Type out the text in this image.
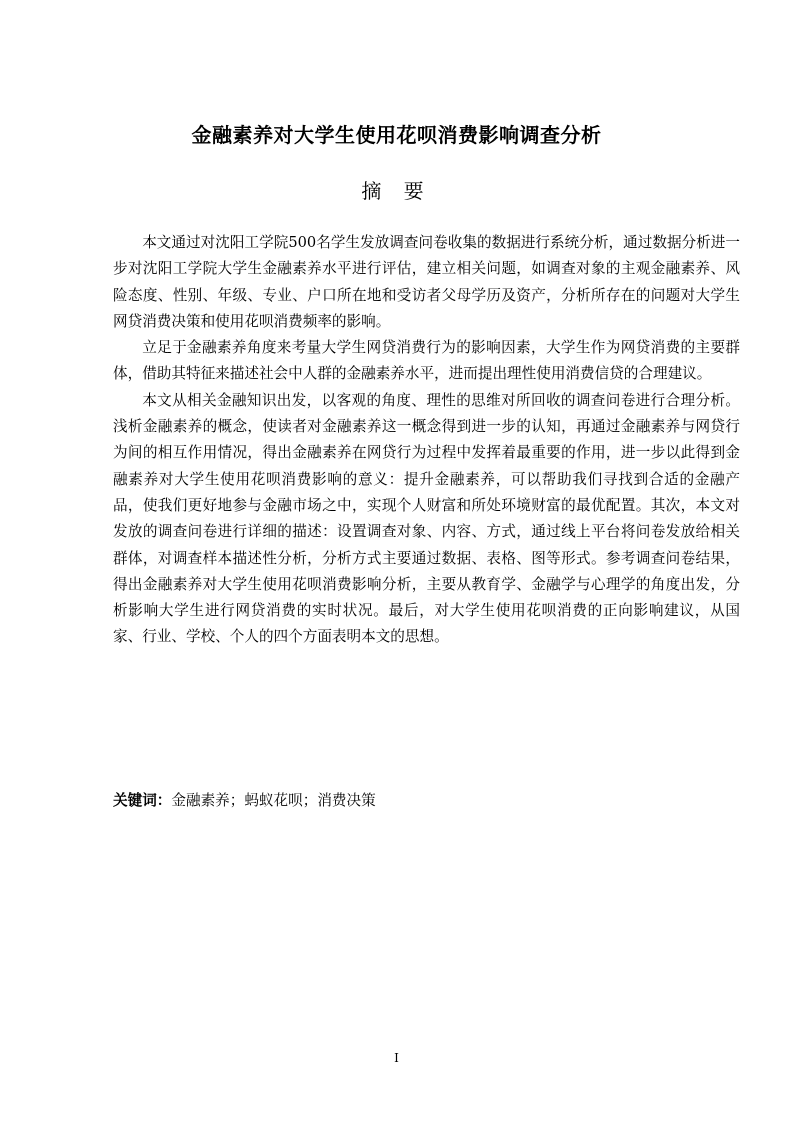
金融素养对大学生使用花呗消费影响调查分析
摘 要

本文通过对沈阳工学院500名学生发放调查问卷收集的数据进行系统分析，通过数据分析进一步对沈阳工学院大学生金融素养水平进行评估，建立相关问题，如调查对象的主观金融素养、风险态度、性别、年级、专业、户口所在地和受访者父母学历及资产，分析所存在的问题对大学生网贷消费决策和使用花呗消费频率的影响。

立足于金融素养角度来考量大学生网贷消费行为的影响因素，大学生作为网贷消费的主要群体，借助其特征来描述社会中人群的金融素养水平，进而提出理性使用消费信贷的合理建议。

本文从相关金融知识出发，以客观的角度、理性的思维对所回收的调查问卷进行合理分析。浅析金融素养的概念，使读者对金融素养这一概念得到进一步的认知，再通过金融素养与网贷行为间的相互作用情况，得出金融素养在网贷行为过程中发挥着最重要的作用，进一步以此得到金融素养对大学生使用花呗消费影响的意义：提升金融素养，可以帮助我们寻找到合适的金融产品，使我们更好地参与金融市场之中，实现个人财富和所处环境财富的最优配置。其次，本文对发放的调查问卷进行详细的描述：设置调查对象、内容、方式，通过线上平台将问卷发放给相关群体，对调查样本描述性分析，分析方式主要通过数据、表格、图等形式。参考调查问卷结果，得出金融素养对大学生使用花呗消费影响分析，主要从教育学、金融学与心理学的角度出发，分析影响大学生进行网贷消费的实时状况。最后，对大学生使用花呗消费的正向影响建议，从国家、行业、学校、个人的四个方面表明本文的思想。

关键词：金融素养；蚂蚁花呗；消费决策
I
